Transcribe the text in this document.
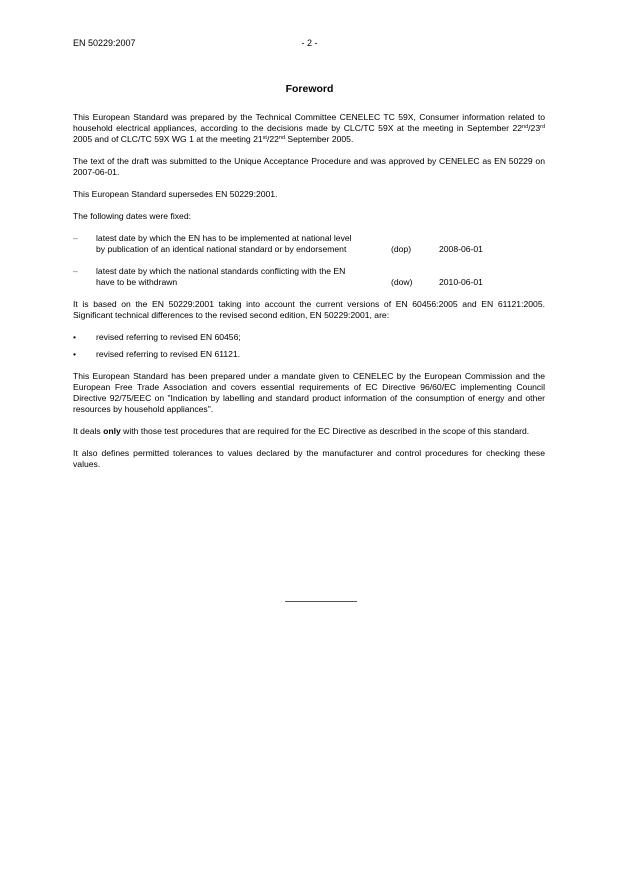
EN 50229:2007	- 2 -
Foreword

This European Standard was prepared by the Technical Committee CENELEC TC 59X, Consumer information related to household electrical appliances, according to the decisions made by CLC/TC 59X at the meeting in September 22nd/23rd 2005 and of CLC/TC 59X WG 1 at the meeting 21st/22nd September 2005.

The text of the draft was submitted to the Unique Acceptance Procedure and was approved by CENELEC as EN 50229 on 2007-06-01.

This European Standard supersedes EN 50229:2001.

The following dates were fixed:

– latest date by which the EN has to be implemented at national level by publication of an identical national standard or by endorsement	(dop)	2008-06-01
– latest date by which the national standards conflicting with the EN have to be withdrawn	(dow)	2010-06-01

It is based on the EN 50229:2001 taking into account the current versions of EN 60456:2005 and EN 61121:2005. Significant technical differences to the revised second edition, EN 50229:2001, are:

• revised referring to revised EN 60456;
• revised referring to revised EN 61121.

This European Standard has been prepared under a mandate given to CENELEC by the European Commission and the European Free Trade Association and covers essential requirements of EC Directive 96/60/EC implementing Council Directive 92/75/EEC on "Indication by labelling and standard product information of the consumption of energy and other resources by household appliances".

It deals only with those test procedures that are required for the EC Directive as described in the scope of this standard.

It also defines permitted tolerances to values declared by the manufacturer and control procedures for checking these values.
